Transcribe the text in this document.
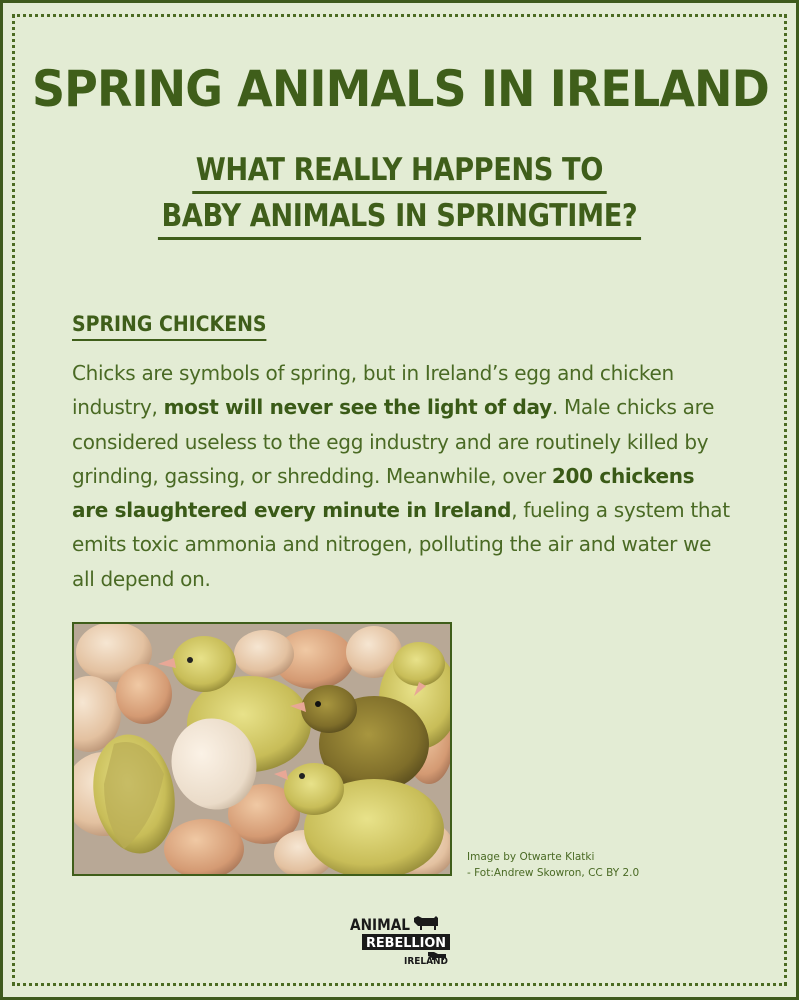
SPRING ANIMALS IN IRELAND
WHAT REALLY HAPPENS TO
BABY ANIMALS IN SPRINGTIME?
SPRING CHICKENS
Chicks are symbols of spring, but in Ireland’s egg and chicken industry, most will never see the light of day. Male chicks are considered useless to the egg industry and are routinely killed by grinding, gassing, or shredding. Meanwhile, over 200 chickens are slaughtered every minute in Ireland, fueling a system that emits toxic ammonia and nitrogen, polluting the air and water we all depend on.
Image by Otwarte Klatki
- Fot:Andrew Skowron, CC BY 2.0
ANIMAL
REBELLION
IRELAND
